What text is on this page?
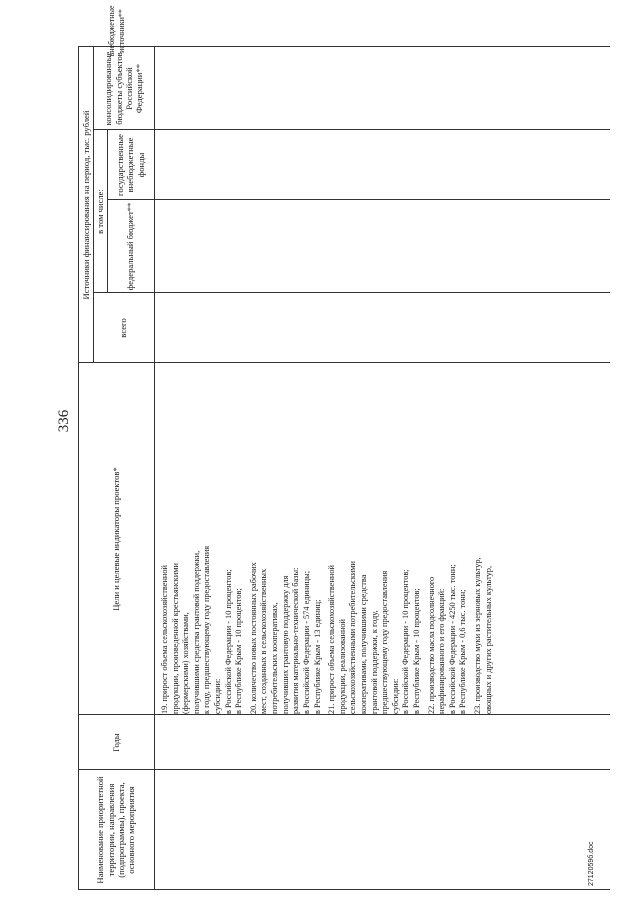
336
Наименование приоритетной территории, направления (подпрограммы), проекта, основного мероприятия
Годы
Цели и целевые индикаторы проектов*
Источники финансирования на период, тыс. рублей
всего
в том числе: федеральный бюджет**
государственные внебюджетные фонды
консолидированные бюджеты субъектов Российской Федерации**
внебюджетные источники**
19. прирост объема сельскохозяйственной продукции, произведенной крестьянскими (фермерскими) хозяйствами, получившими средства грантовой поддержки, к году, предшествующему году предоставления субсидии: в Российской Федерации - 10 процентов; в Республике Крым - 10 процентов; 20. количество новых постоянных рабочих мест, созданных в сельскохозяйственных потребительских кооперативах, получивших грантовую поддержку для развития материально-технической базы: в Российской Федерации - 574 единицы; в Республике Крым - 13 единиц; 21. прирост объема сельскохозяйственной продукции, реализованной сельскохозяйственными потребительскими кооперативами, получившими средства грантовой поддержки, к году, предшествующему году предоставления субсидии: в Российской Федерации - 10 процентов; в Республике Крым - 10 процентов; 22. производство масла подсолнечного нерафинированного и его фракций: в Российской Федерации - 4250 тыс. тонн; в Республике Крым - 0,6 тыс. тонн; 23. производство муки из зерновых культур, овощных и других растительных культур,
2712059б.doc
